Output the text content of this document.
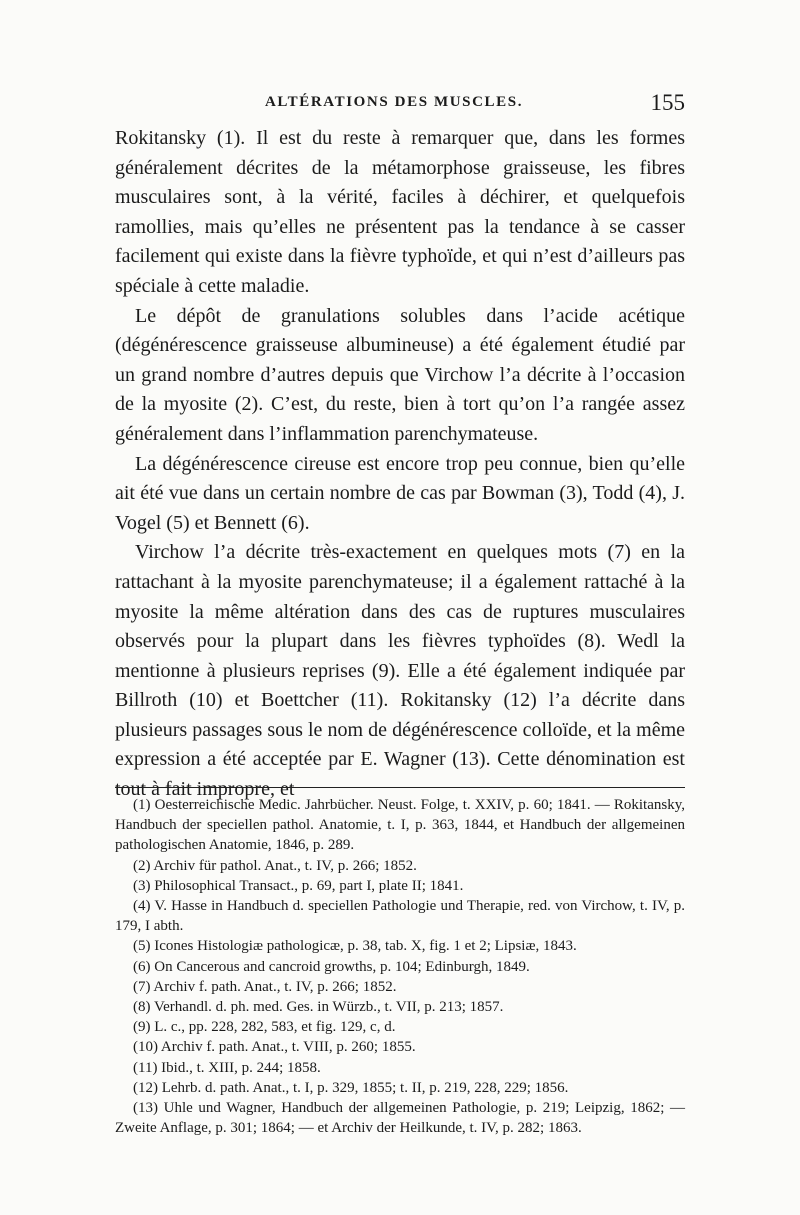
ALTÉRATIONS DES MUSCLES.	155

Rokitansky (1). Il est du reste à remarquer que, dans les formes généralement décrites de la métamorphose graisseuse, les fibres musculaires sont, à la vérité, faciles à déchirer, et quelquefois ramollies, mais qu’elles ne présentent pas la tendance à se casser facilement qui existe dans la fièvre typhoïde, et qui n’est d’ailleurs pas spéciale à cette maladie.

Le dépôt de granulations solubles dans l’acide acétique (dégénérescence graisseuse albumineuse) a été également étudié par un grand nombre d’autres depuis que Virchow l’a décrite à l’occasion de la myosite (2). C’est, du reste, bien à tort qu’on l’a rangée assez généralement dans l’inflammation parenchymateuse.

La dégénérescence cireuse est encore trop peu connue, bien qu’elle ait été vue dans un certain nombre de cas par Bowman (3), Todd (4), J. Vogel (5) et Bennett (6).

Virchow l’a décrite très-exactement en quelques mots (7) en la rattachant à la myosite parenchymateuse; il a également rattaché à la myosite la même altération dans des cas de ruptures musculaires observés pour la plupart dans les fièvres typhoïdes (8). Wedl la mentionne à plusieurs reprises (9). Elle a été également indiquée par Billroth (10) et Boettcher (11). Rokitansky (12) l’a décrite dans plusieurs passages sous le nom de dégénérescence colloïde, et la même expression a été acceptée par E. Wagner (13). Cette dénomination est tout à fait impropre, et

(1) Oesterreichische Medic. Jahrbücher. Neust. Folge, t. XXIV, p. 60; 1841. — Rokitansky, Handbuch der speciellen pathol. Anatomie, t. I, p. 363, 1844, et Handbuch der allgemeinen pathologischen Anatomie, 1846, p. 289.

(2) Archiv für pathol. Anat., t. IV, p. 266; 1852.

(3) Philosophical Transact., p. 69, part I, plate II; 1841.

(4) V. Hasse in Handbuch d. speciellen Pathologie und Therapie, red. von Virchow, t. IV, p. 179, I abth.

(5) Icones Histologiæ pathologicæ, p. 38, tab. X, fig. 1 et 2; Lipsiæ, 1843.

(6) On Cancerous and cancroid growths, p. 104; Edinburgh, 1849.

(7) Archiv f. path. Anat., t. IV, p. 266; 1852.

(8) Verhandl. d. ph. med. Ges. in Würzb., t. VII, p. 213; 1857.

(9) L. c., pp. 228, 282, 583, et fig. 129, c, d.

(10) Archiv f. path. Anat., t. VIII, p. 260; 1855.

(11) Ibid., t. XIII, p. 244; 1858.

(12) Lehrb. d. path. Anat., t. I, p. 329, 1855; t. II, p. 219, 228, 229; 1856.

(13) Uhle und Wagner, Handbuch der allgemeinen Pathologie, p. 219; Leipzig, 1862; — Zweite Anflage, p. 301; 1864; — et Archiv der Heilkunde, t. IV, p. 282; 1863.
